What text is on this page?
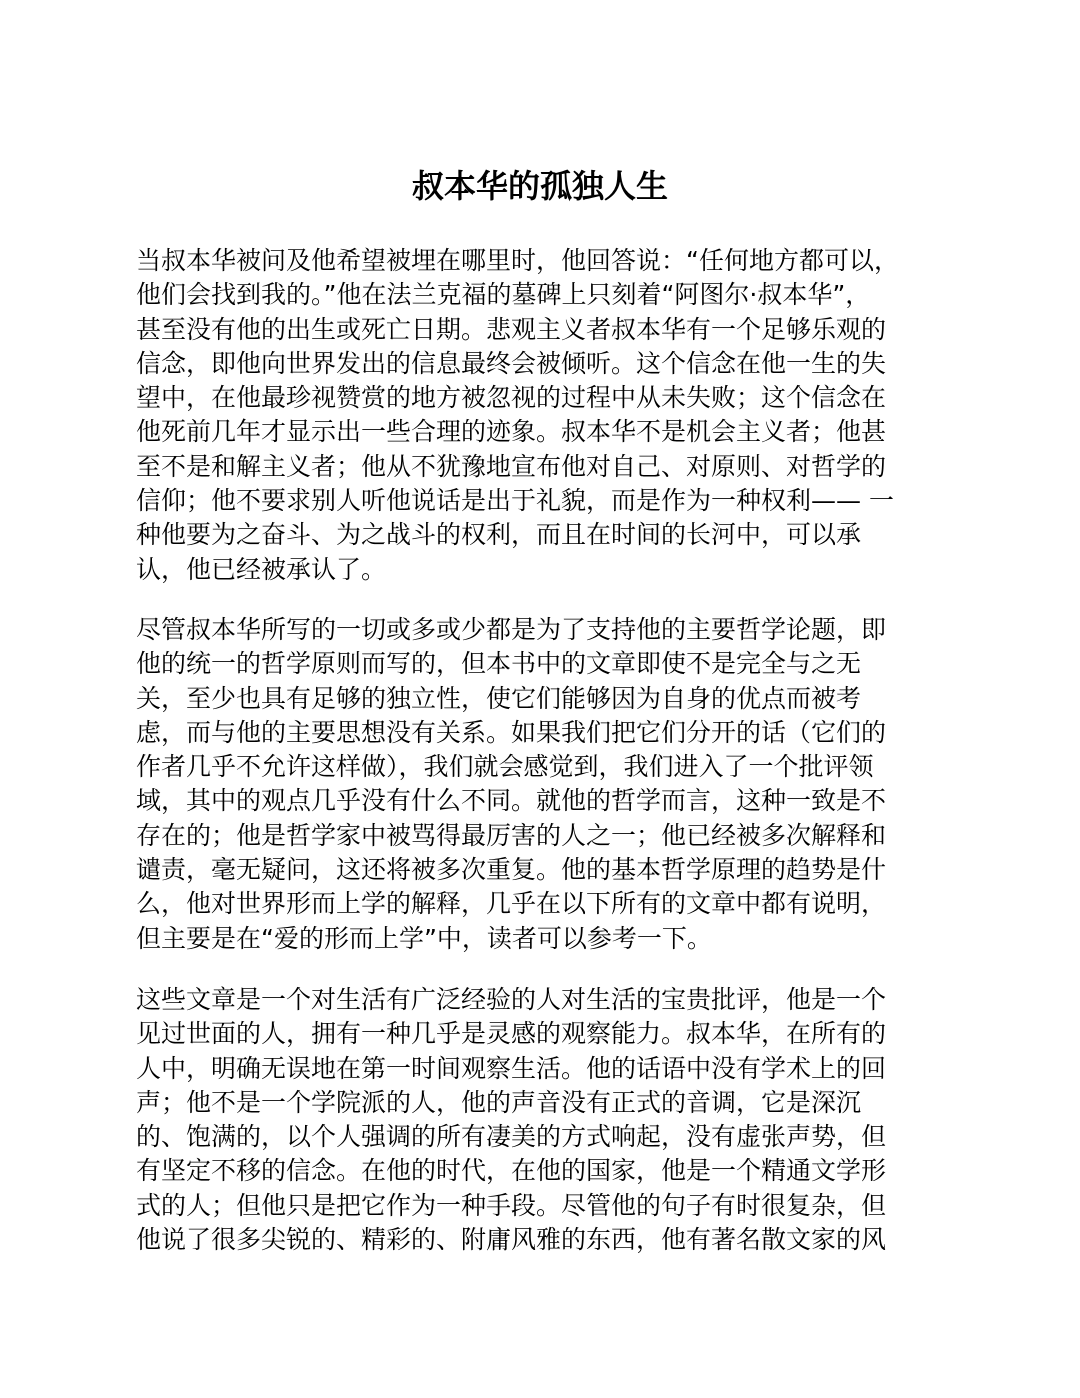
叔本华的孤独人生

当叔本华被问及他希望被埋在哪里时，他回答说：“任何地方都可以，
他们会找到我的。”他在法兰克福的墓碑上只刻着“阿图尔·叔本华”，
甚至没有他的出生或死亡日期。悲观主义者叔本华有一个足够乐观的
信念，即他向世界发出的信息最终会被倾听。这个信念在他一生的失
望中，在他最珍视赞赏的地方被忽视的过程中从未失败；这个信念在
他死前几年才显示出一些合理的迹象。叔本华不是机会主义者；他甚
至不是和解主义者；他从不犹豫地宣布他对自己、对原则、对哲学的
信仰；他不要求别人听他说话是出于礼貌，而是作为一种权利—— 一
种他要为之奋斗、为之战斗的权利，而且在时间的长河中，可以承
认，他已经被承认了。

尽管叔本华所写的一切或多或少都是为了支持他的主要哲学论题，即
他的统一的哲学原则而写的，但本书中的文章即使不是完全与之无
关，至少也具有足够的独立性，使它们能够因为自身的优点而被考
虑，而与他的主要思想没有关系。如果我们把它们分开的话（它们的
作者几乎不允许这样做），我们就会感觉到，我们进入了一个批评领
域，其中的观点几乎没有什么不同。就他的哲学而言，这种一致是不
存在的；他是哲学家中被骂得最厉害的人之一；他已经被多次解释和
谴责，毫无疑问，这还将被多次重复。他的基本哲学原理的趋势是什
么，他对世界形而上学的解释，几乎在以下所有的文章中都有说明，
但主要是在“爱的形而上学”中，读者可以参考一下。

这些文章是一个对生活有广泛经验的人对生活的宝贵批评，他是一个
见过世面的人，拥有一种几乎是灵感的观察能力。叔本华，在所有的
人中，明确无误地在第一时间观察生活。他的话语中没有学术上的回
声；他不是一个学院派的人，他的声音没有正式的音调，它是深沉
的、饱满的，以个人强调的所有凄美的方式响起，没有虚张声势，但
有坚定不移的信念。在他的时代，在他的国家，他是一个精通文学形
式的人；但他只是把它作为一种手段。尽管他的句子有时很复杂，但
他说了很多尖锐的、精彩的、附庸风雅的东西，他有著名散文家的风
